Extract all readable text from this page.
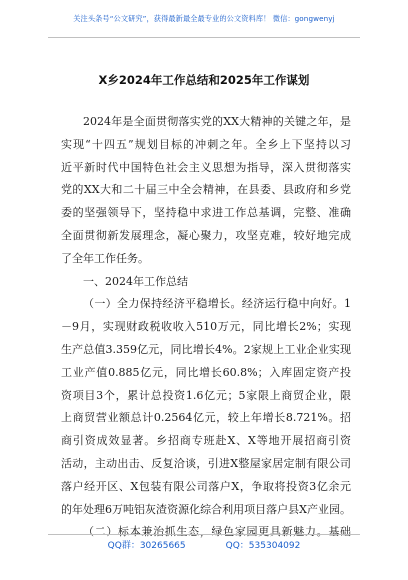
关注头条号“公文研究”，获得最新最全最专业的公文资料库！ 微信：gongwenyj
X乡2024年工作总结和2025年工作谋划
2024年是全面贯彻落实党的XX大精神的关键之年，是
实现“十四五”规划目标的冲刺之年。全乡上下坚持以习
近平新时代中国特色社会主义思想为指导，深入贯彻落实
党的XX大和二十届三中全会精神，在县委、县政府和乡党
委的坚强领导下，坚持稳中求进工作总基调，完整、准确
全面贯彻新发展理念，凝心聚力，攻坚克难，较好地完成
了全年工作任务。
一、2024年工作总结
（一）全力保持经济平稳增长。经济运行稳中向好。1
－9月，实现财政税收收入510万元，同比增长2%；实现
生产总值3.359亿元，同比增长4%。2家规上工业企业实现
工业产值0.885亿元，同比增长60.8%；入库固定资产投
资项目3个，累计总投资1.6亿元；5家限上商贸企业，限
上商贸营业额总计0.2564亿元，较上年增长8.721%。招
商引资成效显著。乡招商专班赴X、X等地开展招商引资
活动，主动出击、反复洽谈，引进X整屋家居定制有限公司
落户经开区、X包装有限公司落户X，争取将投资3亿余元
的年处理6万吨铝灰渣资源化综合利用项目落户县X产业园。
（二）标本兼治抓生态，绿色家园更具新魅力。基础
QQ群：30265665	QQ：535304092
